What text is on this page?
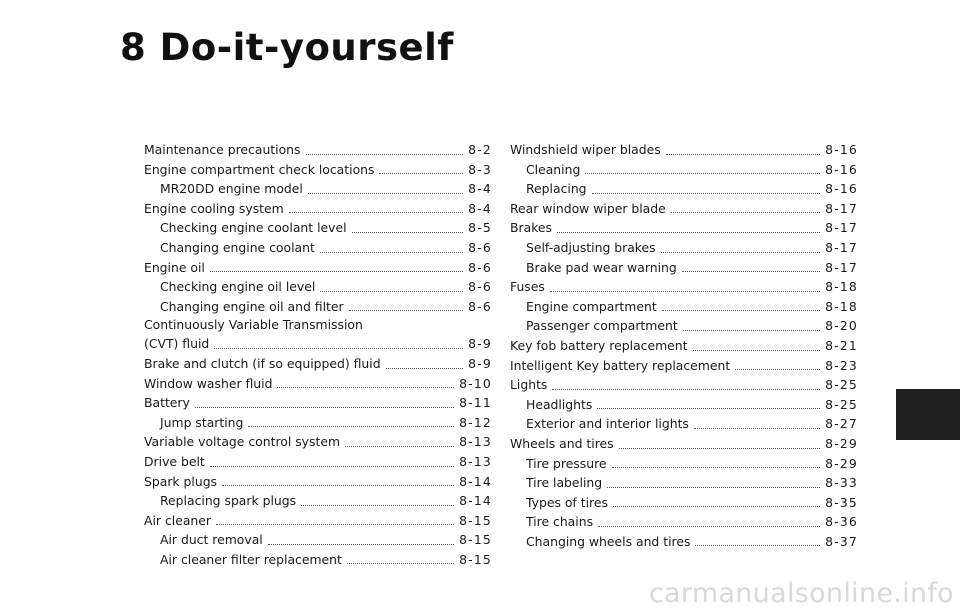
8 Do-it-yourself
Maintenance precautions	8-2
Engine compartment check locations	8-3
MR20DD engine model	8-4
Engine cooling system	8-4
Checking engine coolant level	8-5
Changing engine coolant	8-6
Engine oil	8-6
Checking engine oil level	8-6
Changing engine oil and filter	8-6
Continuously Variable Transmission
(CVT) fluid	8-9
Brake and clutch (if so equipped) fluid	8-9
Window washer fluid	8-10
Battery	8-11
Jump starting	8-12
Variable voltage control system	8-13
Drive belt	8-13
Spark plugs	8-14
Replacing spark plugs	8-14
Air cleaner	8-15
Air duct removal	8-15
Air cleaner filter replacement	8-15
Windshield wiper blades	8-16
Cleaning	8-16
Replacing	8-16
Rear window wiper blade	8-17
Brakes	8-17
Self-adjusting brakes	8-17
Brake pad wear warning	8-17
Fuses	8-18
Engine compartment	8-18
Passenger compartment	8-20
Key fob battery replacement	8-21
Intelligent Key battery replacement	8-23
Lights	8-25
Headlights	8-25
Exterior and interior lights	8-27
Wheels and tires	8-29
Tire pressure	8-29
Tire labeling	8-33
Types of tires	8-35
Tire chains	8-36
Changing wheels and tires	8-37
carmanualsonline.info
